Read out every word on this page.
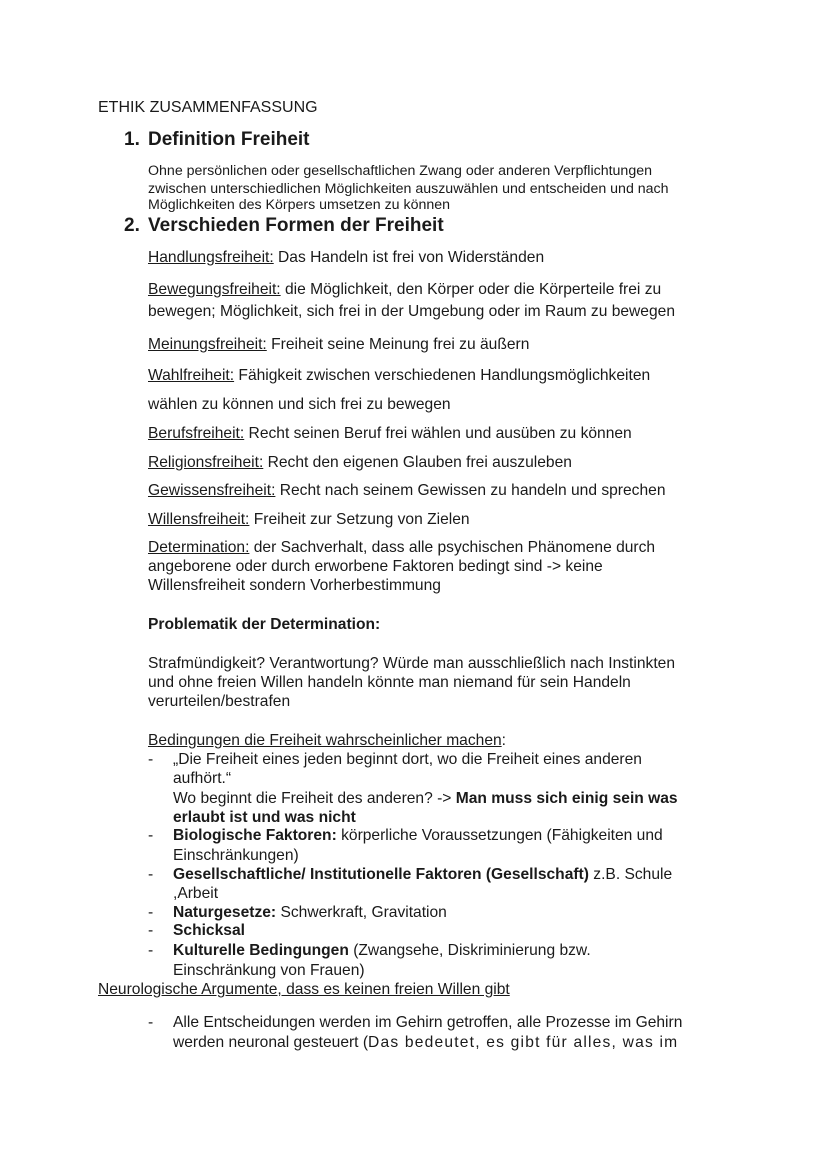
ETHIK ZUSAMMENFASSUNG
1. Definition Freiheit
Ohne persönlichen oder gesellschaftlichen Zwang oder anderen Verpflichtungen
zwischen unterschiedlichen Möglichkeiten auszuwählen und entscheiden und nach
Möglichkeiten des Körpers umsetzen zu können
2. Verschieden Formen der Freiheit
Handlungsfreiheit: Das Handeln ist frei von Widerständen
Bewegungsfreiheit: die Möglichkeit, den Körper oder die Körperteile frei zu
bewegen; Möglichkeit, sich frei in der Umgebung oder im Raum zu bewegen
Meinungsfreiheit: Freiheit seine Meinung frei zu äußern
Wahlfreiheit: Fähigkeit zwischen verschiedenen Handlungsmöglichkeiten
wählen zu können und sich frei zu bewegen
Berufsfreiheit: Recht seinen Beruf frei wählen und ausüben zu können
Religionsfreiheit: Recht den eigenen Glauben frei auszuleben
Gewissensfreiheit: Recht nach seinem Gewissen zu handeln und sprechen
Willensfreiheit: Freiheit zur Setzung von Zielen
Determination: der Sachverhalt, dass alle psychischen Phänomene durch
angeborene oder durch erworbene Faktoren bedingt sind -> keine
Willensfreiheit sondern Vorherbestimmung
Problematik der Determination:
Strafmündigkeit? Verantwortung? Würde man ausschließlich nach Instinkten
und ohne freien Willen handeln könnte man niemand für sein Handeln
verurteilen/bestrafen
Bedingungen die Freiheit wahrscheinlicher machen:
- „Die Freiheit eines jeden beginnt dort, wo die Freiheit eines anderen
aufhört.“
Wo beginnt die Freiheit des anderen? -> Man muss sich einig sein was
erlaubt ist und was nicht
- Biologische Faktoren: körperliche Voraussetzungen (Fähigkeiten und
Einschränkungen)
- Gesellschaftliche/ Institutionelle Faktoren (Gesellschaft) z.B. Schule
,Arbeit
- Naturgesetze: Schwerkraft, Gravitation
- Schicksal
- Kulturelle Bedingungen (Zwangsehe, Diskriminierung bzw.
Einschränkung von Frauen)
Neurologische Argumente, dass es keinen freien Willen gibt
- Alle Entscheidungen werden im Gehirn getroffen, alle Prozesse im Gehirn
werden neuronal gesteuert (Das bedeutet, es gibt für alles, was im
